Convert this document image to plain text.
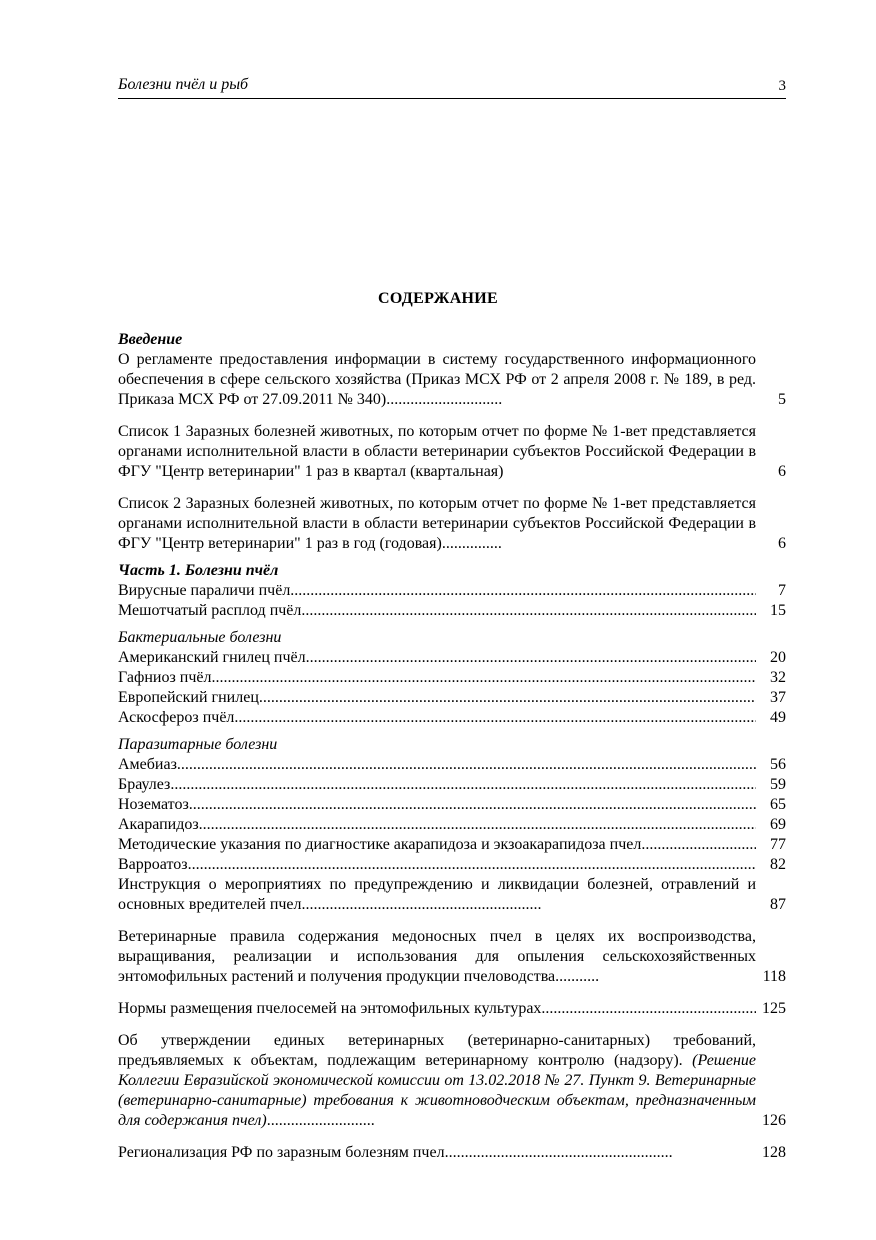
Болезни пчёл и рыб	3
СОДЕРЖАНИЕ
Введение
О регламенте предоставления информации в систему государственного информационного обеспечения в сфере сельского хозяйства (Приказ МСХ РФ от 2 апреля 2008 г. № 189, в ред. Приказа МСХ РФ от 27.09.2011 № 340).............................	5
Список 1 Заразных болезней животных, по которым отчет по форме № 1-вет представляется органами исполнительной власти в области ветеринарии субъектов Российской Федерации в ФГУ "Центр ветеринарии" 1 раз в квартал (квартальная)	6
Список 2 Заразных болезней животных, по которым отчет по форме № 1-вет представляется органами исполнительной власти в области ветеринарии субъектов Российской Федерации в ФГУ "Центр ветеринарии" 1 раз в год (годовая)...............	6
Часть 1. Болезни пчёл
Вирусные параличи пчёл .....	7
Мешотчатый расплод пчёл .....	15
Бактериальные болезни
Американский гнилец пчёл .....	20
Гафниоз пчёл .....	32
Европейский гнилец .....	37
Аскосфероз пчёл .....	49
Паразитарные болезни
Амебиаз .....	56
Браулез .....	59
Нозематоз .....	65
Акарапидоз .....	69
Методические указания по диагностике акарапидоза и экзоакарапидоза пчел .....	77
Варроатоз .....	82
Инструкция о мероприятиях по предупреждению и ликвидации болезней, отравлений и основных вредителей пчел............................................................	87
Ветеринарные правила содержания медоносных пчел в целях их воспроизводства, выращивания, реализации и использования для опыления сельскохозяйственных энтомофильных растений и получения продукции пчеловодства...........	118
Нормы размещения пчелосемей на энтомофильных культурах .....	125
Об утверждении единых ветеринарных (ветеринарно-санитарных) требований, предъявляемых к объектам, подлежащим ветеринарному контролю (надзору). (Решение Коллегии Евразийской экономической комиссии от 13.02.2018 № 27. Пункт 9. Ветеринарные (ветеринарно-санитарные) требования к животноводческим объектам, предназначенным для содержания пчел)...........................	126
Регионализация РФ по заразным болезням пчел.........................................................	128
